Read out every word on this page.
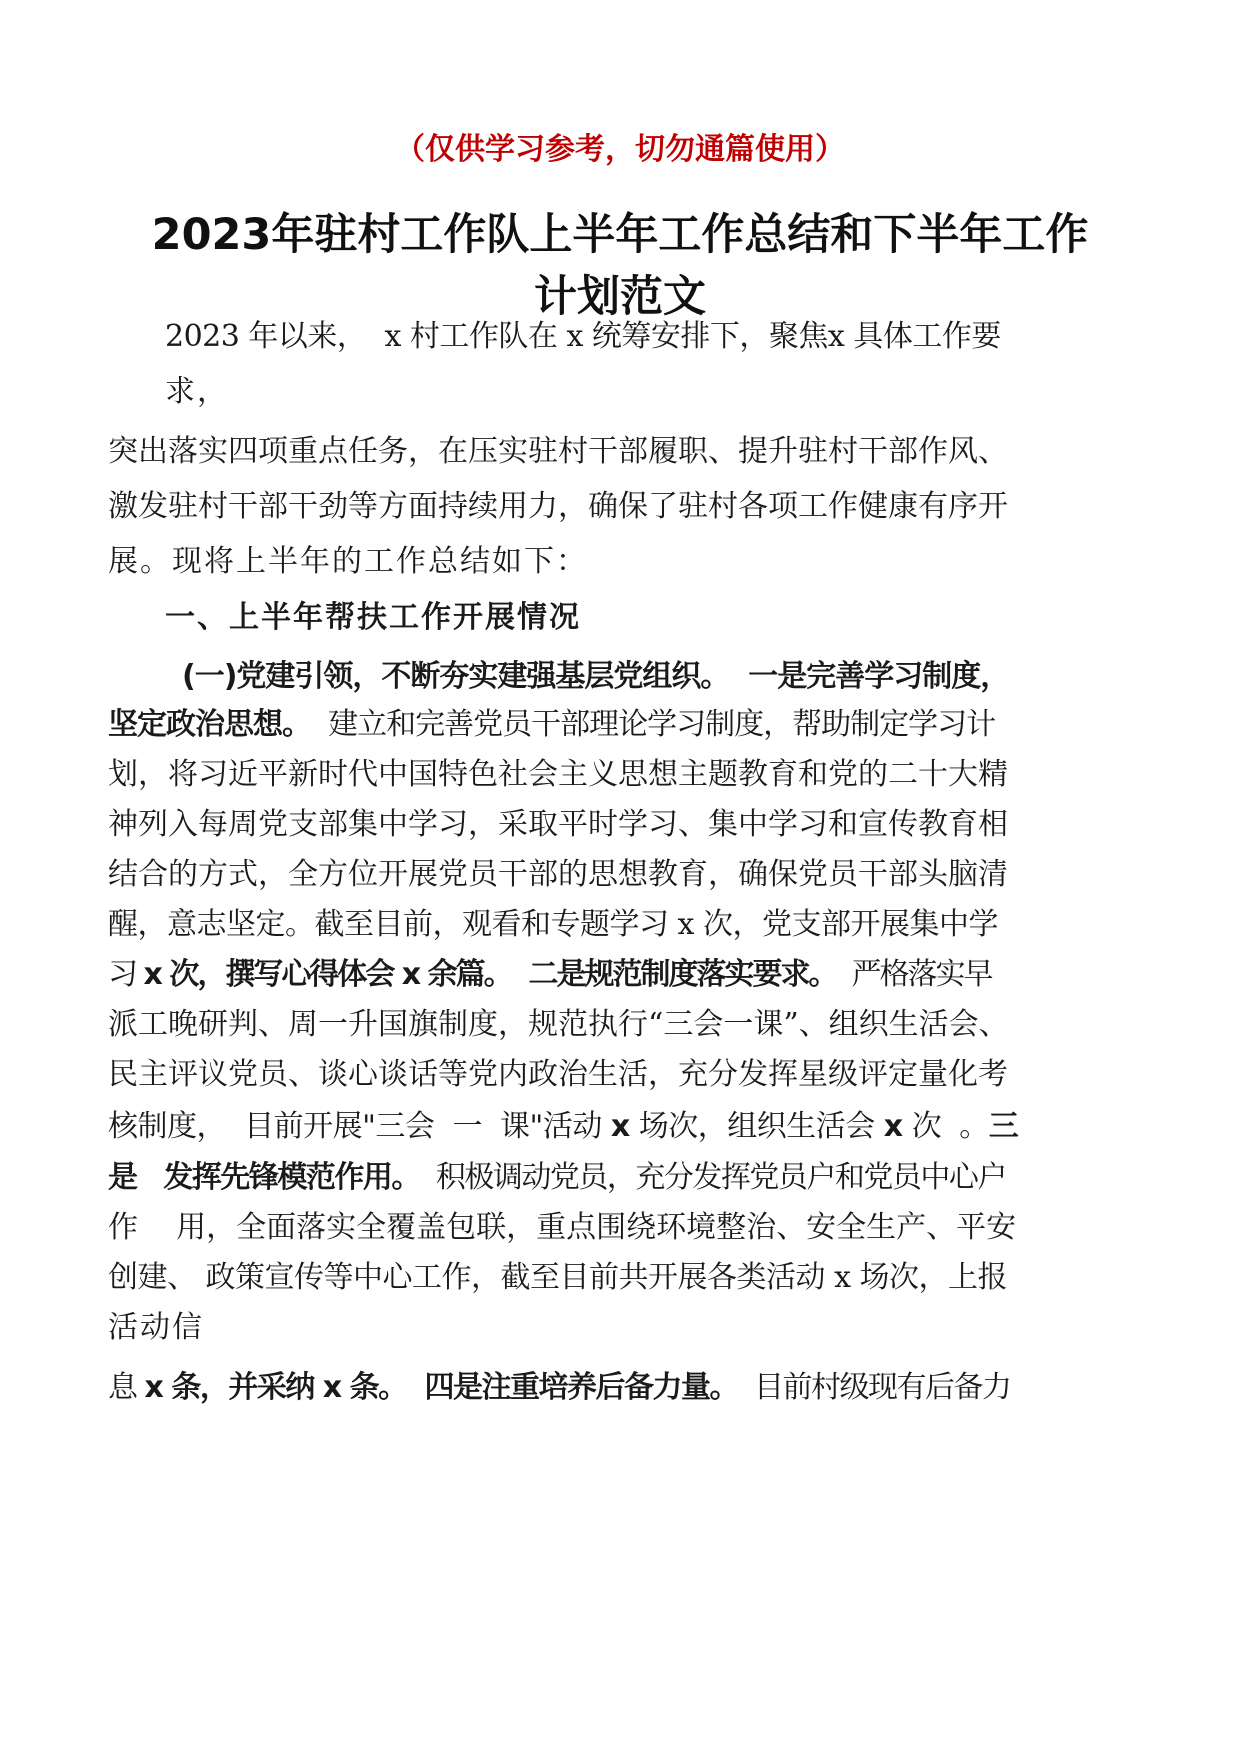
（仅供学习参考，切勿通篇使用）
2023年驻村工作队上半年工作总结和下半年工作
计划范文
2023 年以来，  x 村工作队在 x 统筹安排下，聚焦x 具体工作要
求，
突出落实四项重点任务，在压实驻村干部履职、提升驻村干部作风、
激发驻村干部干劲等方面持续用力，确保了驻村各项工作健康有序开
展。现将上半年的工作总结如下：
一、上半年帮扶工作开展情况
(一)党建引领，不断夯实建强基层党组织。  一是完善学习制度，
坚定政治思想。  建立和完善党员干部理论学习制度，帮助制定学习计
划，将习近平新时代中国特色社会主义思想主题教育和党的二十大精
神列入每周党支部集中学习，采取平时学习、集中学习和宣传教育相
结合的方式，全方位开展党员干部的思想教育，确保党员干部头脑清
醒，意志坚定。截至目前，观看和专题学习 x 次，党支部开展集中学
习 x 次，撰写心得体会 x 余篇。  二是规范制度落实要求。  严格落实早
派工晚研判、周一升国旗制度，规范执行“三会一课”、组织生活会、
民主评议党员、谈心谈话等党内政治生活，充分发挥星级评定量化考
核制度，  目前开展"三会  一  课"活动 x 场次，组织生活会 x 次  。三
是   发挥先锋模范作用。  积极调动党员，充分发挥党员户和党员中心户
作    用，全面落实全覆盖包联，重点围绕环境整治、安全生产、平安
创建、 政策宣传等中心工作，截至目前共开展各类活动 x 场次，上报
活动信
息 x 条，并采纳 x 条。  四是注重培养后备力量。  目前村级现有后备力
